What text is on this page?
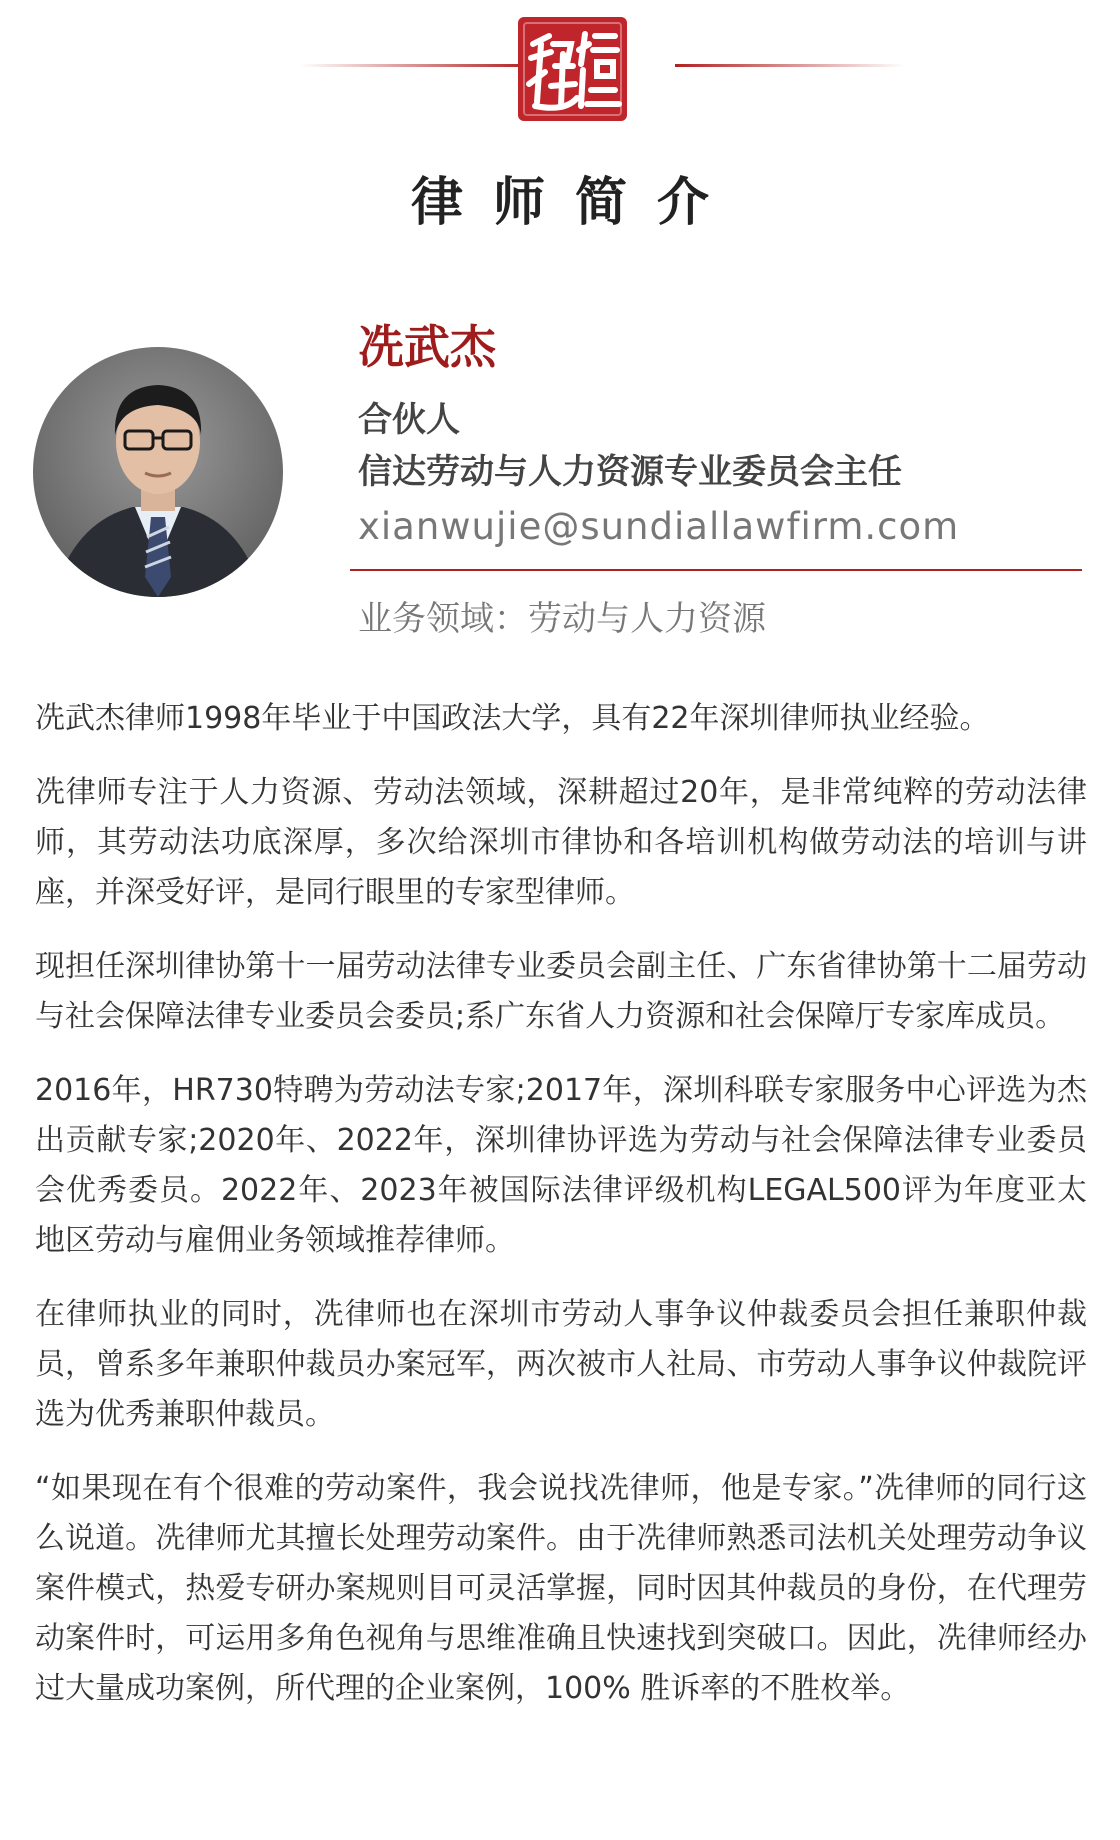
律师简介
冼武杰
合伙人
信达劳动与人力资源专业委员会主任
xianwujie@sundiallawfirm.com
业务领域：劳动与人力资源

冼武杰律师1998年毕业于中国政法大学，具有22年深圳律师执业经验。

冼律师专注于人力资源、劳动法领域，深耕超过20年，是非常纯粹的劳动法律师，其劳动法功底深厚，多次给深圳市律协和各培训机构做劳动法的培训与讲座，并深受好评，是同行眼里的专家型律师。

现担任深圳律协第十一届劳动法律专业委员会副主任、广东省律协第十二届劳动与社会保障法律专业委员会委员;系广东省人力资源和社会保障厅专家库成员。

2016年，HR730特聘为劳动法专家;2017年，深圳科联专家服务中心评选为杰出贡献专家;2020年、2022年，深圳律协评选为劳动与社会保障法律专业委员会优秀委员。2022年、2023年被国际法律评级机构LEGAL500评为年度亚太地区劳动与雇佣业务领域推荐律师。

在律师执业的同时，冼律师也在深圳市劳动人事争议仲裁委员会担任兼职仲裁员，曾系多年兼职仲裁员办案冠军，两次被市人社局、市劳动人事争议仲裁院评选为优秀兼职仲裁员。

“如果现在有个很难的劳动案件，我会说找冼律师，他是专家。”冼律师的同行这么说道。冼律师尤其擅长处理劳动案件。由于冼律师熟悉司法机关处理劳动争议案件模式，热爱专研办案规则目可灵活掌握，同时因其仲裁员的身份，在代理劳动案件时，可运用多角色视角与思维准确且快速找到突破口。因此，冼律师经办过大量成功案例，所代理的企业案例，100% 胜诉率的不胜枚举。
